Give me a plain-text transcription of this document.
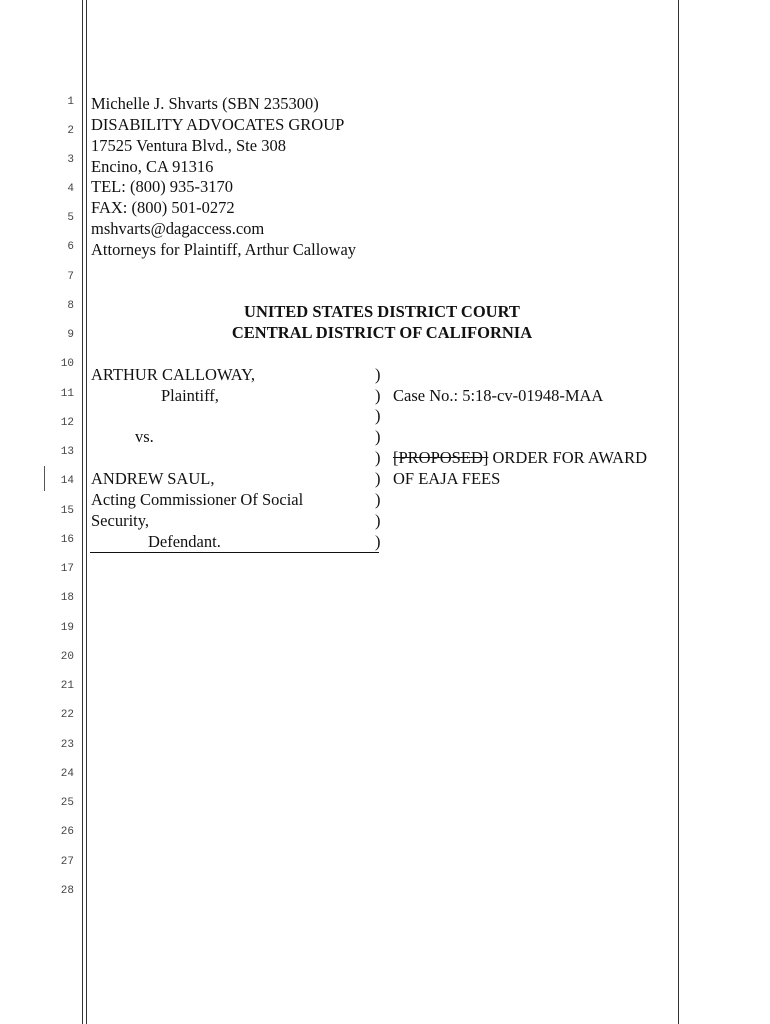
1
2
3
4
5
6
7
8
9
10
11
12
13
14
15
16
17
18
19
20
21
22
23
24
25
26
27
28
Michelle J. Shvarts (SBN 235300)
DISABILITY ADVOCATES GROUP
17525 Ventura Blvd., Ste 308
Encino, CA 91316
TEL: (800) 935-3170
FAX: (800) 501-0272
mshvarts@dagaccess.com
Attorneys for Plaintiff, Arthur Calloway
UNITED STATES DISTRICT COURT
CENTRAL DISTRICT OF CALIFORNIA
ARTHUR CALLOWAY,
Plaintiff,
vs.
ANDREW SAUL,
Acting Commissioner Of Social
Security,
Defendant.
)
)
)
)
)
)
)
)
)
Case No.: 5:18-cv-01948-MAA
[PROPOSED] ORDER FOR AWARD
OF EAJA FEES
